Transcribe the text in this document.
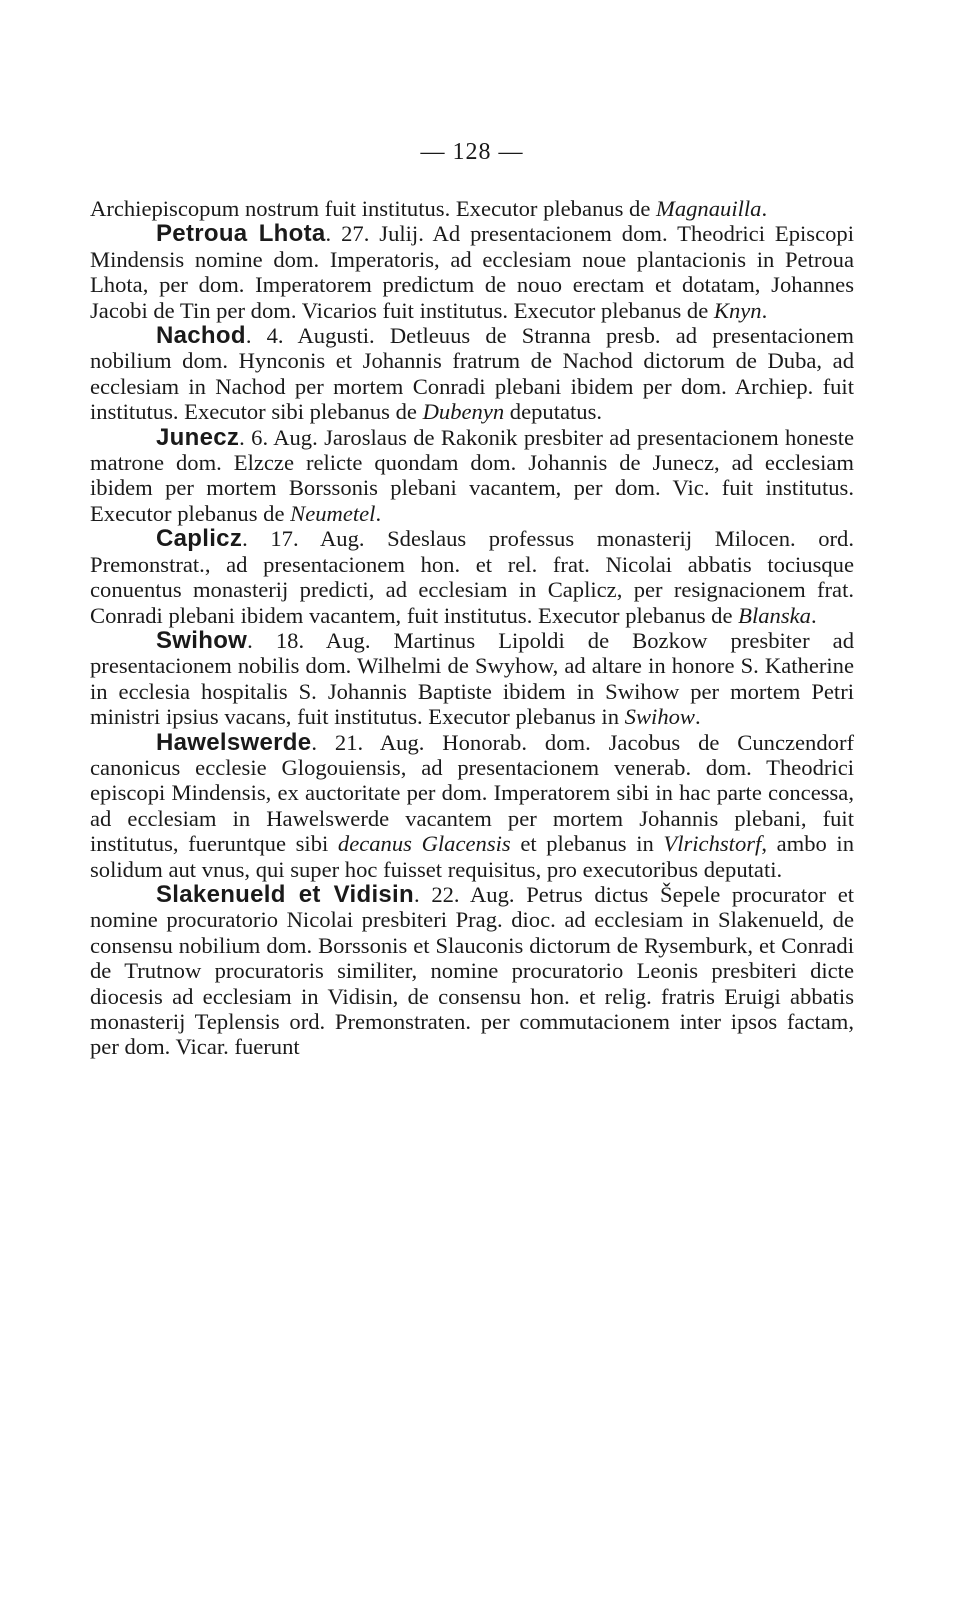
— 128 —

Archiepiscopum nostrum fuit institutus. Executor plebanus de Magnauilla.

Petroua Lhota. 27. Julij. Ad presentacionem dom. Theodrici Episcopi Mindensis nomine dom. Imperatoris, ad ecclesiam noue plantacionis in Petroua Lhota, per dom. Imperatorem predictum de nouo erectam et dotatam, Johannes Jacobi de Tin per dom. Vicarios fuit institutus. Executor plebanus de Knyn.

Nachod. 4. Augusti. Detleuus de Stranna presb. ad presentacionem nobilium dom. Hynconis et Johannis fratrum de Nachod dictorum de Duba, ad ecclesiam in Nachod per mortem Conradi plebani ibidem per dom. Archiep. fuit institutus. Executor sibi plebanus de Dubenyn deputatus.

Junecz. 6. Aug. Jaroslaus de Rakonik presbiter ad presentacionem honeste matrone dom. Elzcze relicte quondam dom. Johannis de Junecz, ad ecclesiam ibidem per mortem Borssonis plebani vacantem, per dom. Vic. fuit institutus. Executor plebanus de Neumetel.

Caplicz. 17. Aug. Sdeslaus professus monasterij Milocen. ord. Premonstrat., ad presentacionem hon. et rel. frat. Nicolai abbatis tociusque conuentus monasterij predicti, ad ecclesiam in Caplicz, per resignacionem frat. Conradi plebani ibidem vacantem, fuit institutus. Executor plebanus de Blanska.

Swihow. 18. Aug. Martinus Lipoldi de Bozkow presbiter ad presentacionem nobilis dom. Wilhelmi de Swyhow, ad altare in honore S. Katherine in ecclesia hospitalis S. Johannis Baptiste ibidem in Swihow per mortem Petri ministri ipsius vacans, fuit institutus. Executor plebanus in Swihow.

Hawelswerde. 21. Aug. Honorab. dom. Jacobus de Cunczendorf canonicus ecclesie Glogouiensis, ad presentacionem venerab. dom. Theodrici episcopi Mindensis, ex auctoritate per dom. Imperatorem sibi in hac parte concessa, ad ecclesiam in Hawelswerde vacantem per mortem Johannis plebani, fuit institutus, fueruntque sibi decanus Glacensis et plebanus in Vlrichstorf, ambo in solidum aut vnus, qui super hoc fuisset requisitus, pro executoribus deputati.

Slakenueld et Vidisin. 22. Aug. Petrus dictus Šepele procurator et nomine procuratorio Nicolai presbiteri Prag. dioc. ad ecclesiam in Slakenueld, de consensu nobilium dom. Borssonis et Slauconis dictorum de Rysemburk, et Conradi de Trutnow procuratoris similiter, nomine procuratorio Leonis presbiteri dicte diocesis ad ecclesiam in Vidisin, de consensu hon. et relig. fratris Eruigi abbatis monasterij Teplensis ord. Premonstraten. per commutacionem inter ipsos factam, per dom. Vicar. fuerunt
